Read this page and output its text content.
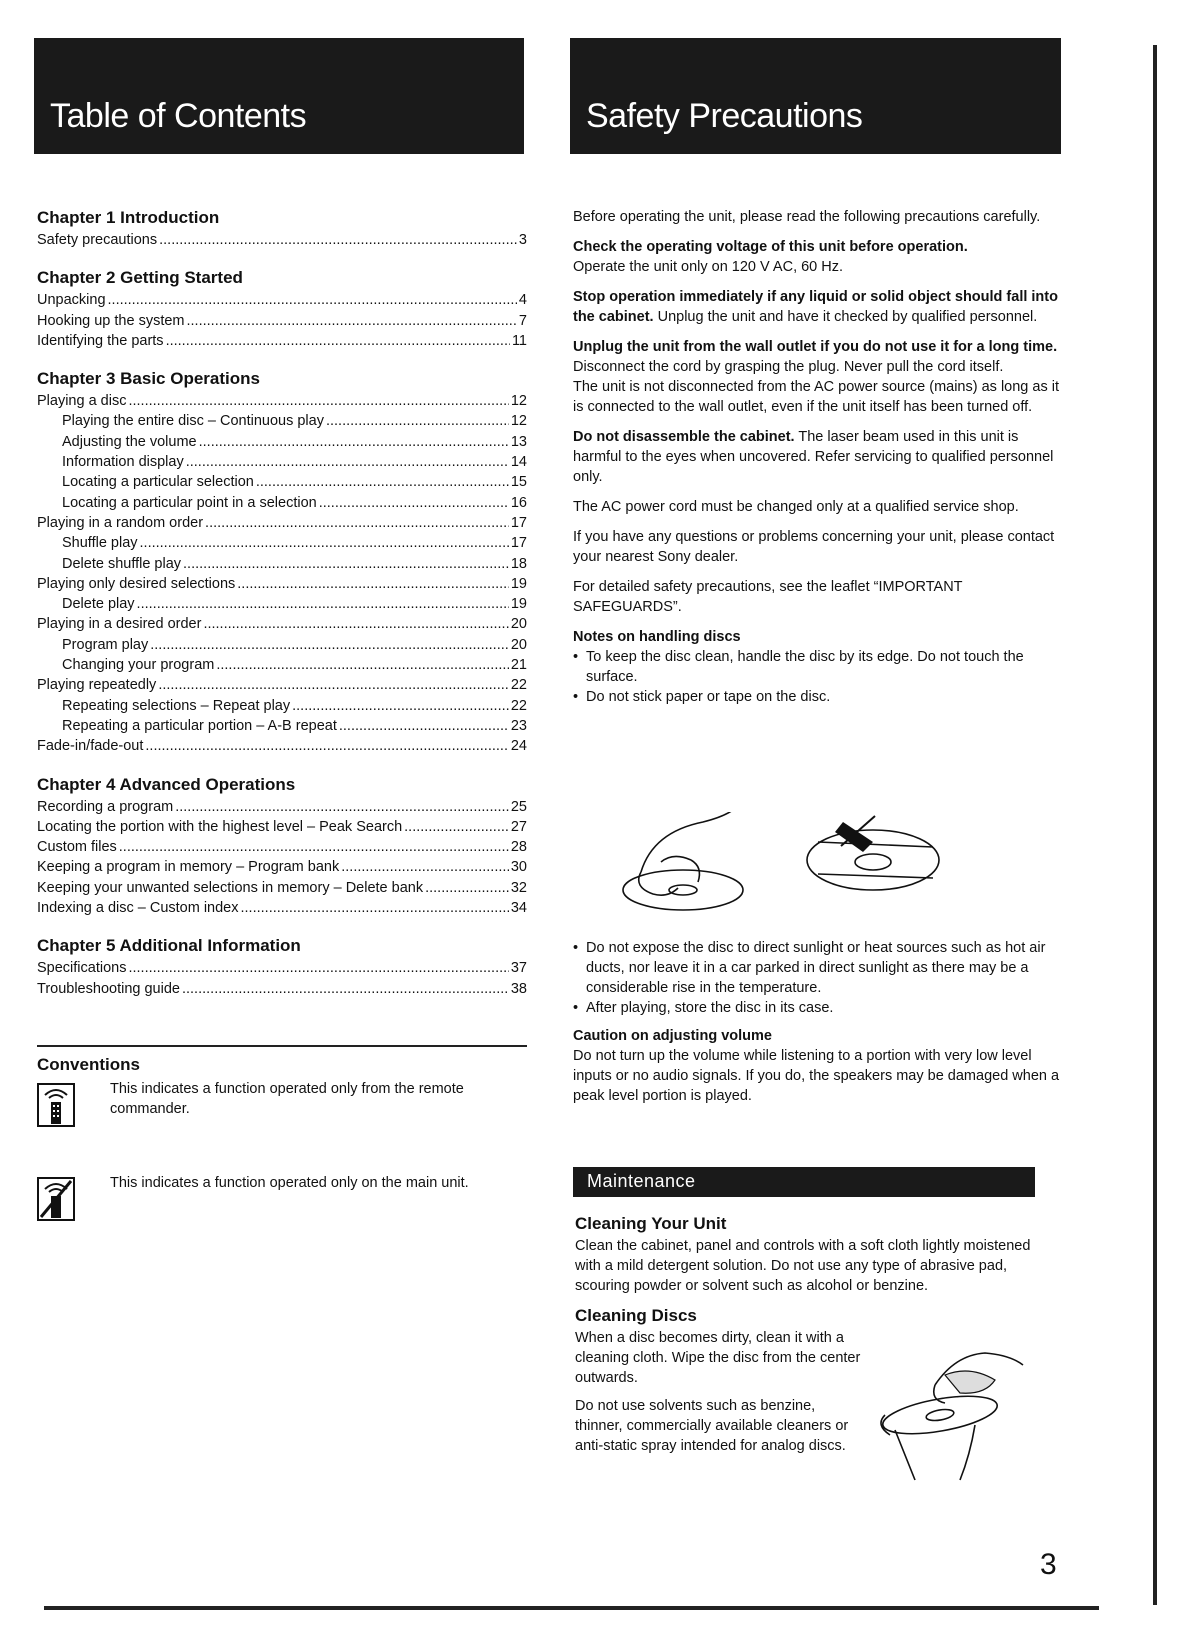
Table of Contents	Safety Precautions
Chapter 1 Introduction
Safety precautions .....	3
Chapter 2 Getting Started
Unpacking .....	4
Hooking up the system .....	7
Identifying the parts .....	11
Chapter 3 Basic Operations
Playing a disc .....	12
Playing the entire disc – Continuous play .....	12
Adjusting the volume .....	13
Information display .....	14
Locating a particular selection .....	15
Locating a particular point in a selection .....	16
Playing in a random order .....	17
Shuffle play .....	17
Delete shuffle play .....	18
Playing only desired selections .....	19
Delete play .....	19
Playing in a desired order .....	20
Program play .....	20
Changing your program .....	21
Playing repeatedly .....	22
Repeating selections – Repeat play .....	22
Repeating a particular portion – A-B repeat .....	23
Fade-in/fade-out .....	24
Chapter 4 Advanced Operations
Recording a program .....	25
Locating the portion with the highest level – Peak Search .....	27
Custom files .....	28
Keeping a program in memory – Program bank .....	30
Keeping your unwanted selections in memory – Delete bank .....	32
Indexing a disc – Custom index .....	34
Chapter 5 Additional Information
Specifications .....	37
Troubleshooting guide .....	38
Conventions
This indicates a function operated only from the remote commander.
This indicates a function operated only on the main unit.

Before operating the unit, please read the following precautions carefully.

Check the operating voltage of this unit before operation.
Operate the unit only on 120 V AC, 60 Hz.

Stop operation immediately if any liquid or solid object should fall into the cabinet. Unplug the unit and have it checked by qualified personnel.

Unplug the unit from the wall outlet if you do not use it for a long time. Disconnect the cord by grasping the plug. Never pull the cord itself.

The unit is not disconnected from the AC power source (mains) as long as it is connected to the wall outlet, even if the unit itself has been turned off.

Do not disassemble the cabinet. The laser beam used in this unit is harmful to the eyes when uncovered. Refer servicing to qualified personnel only.

The AC power cord must be changed only at a qualified service shop.

If you have any questions or problems concerning your unit, please contact your nearest Sony dealer.

For detailed safety precautions, see the leaflet “IMPORTANT SAFEGUARDS”.

Notes on handling discs
• To keep the disc clean, handle the disc by its edge. Do not touch the surface.
• Do not stick paper or tape on the disc.
• Do not expose the disc to direct sunlight or heat sources such as hot air ducts, nor leave it in a car parked in direct sunlight as there may be a considerable rise in the temperature.
• After playing, store the disc in its case.
Caution on adjusting volume
Do not turn up the volume while listening to a portion with very low level inputs or no audio signals. If you do, the speakers may be damaged when a peak level portion is played.
Maintenance
Cleaning Your Unit

Clean the cabinet, panel and controls with a soft cloth lightly moistened with a mild detergent solution. Do not use any type of abrasive pad, scouring powder or solvent such as alcohol or benzine.

Cleaning Discs

When a disc becomes dirty, clean it with a cleaning cloth. Wipe the disc from the center outwards.

Do not use solvents such as benzine, thinner, commercially available cleaners or anti-static spray intended for analog discs.

3
